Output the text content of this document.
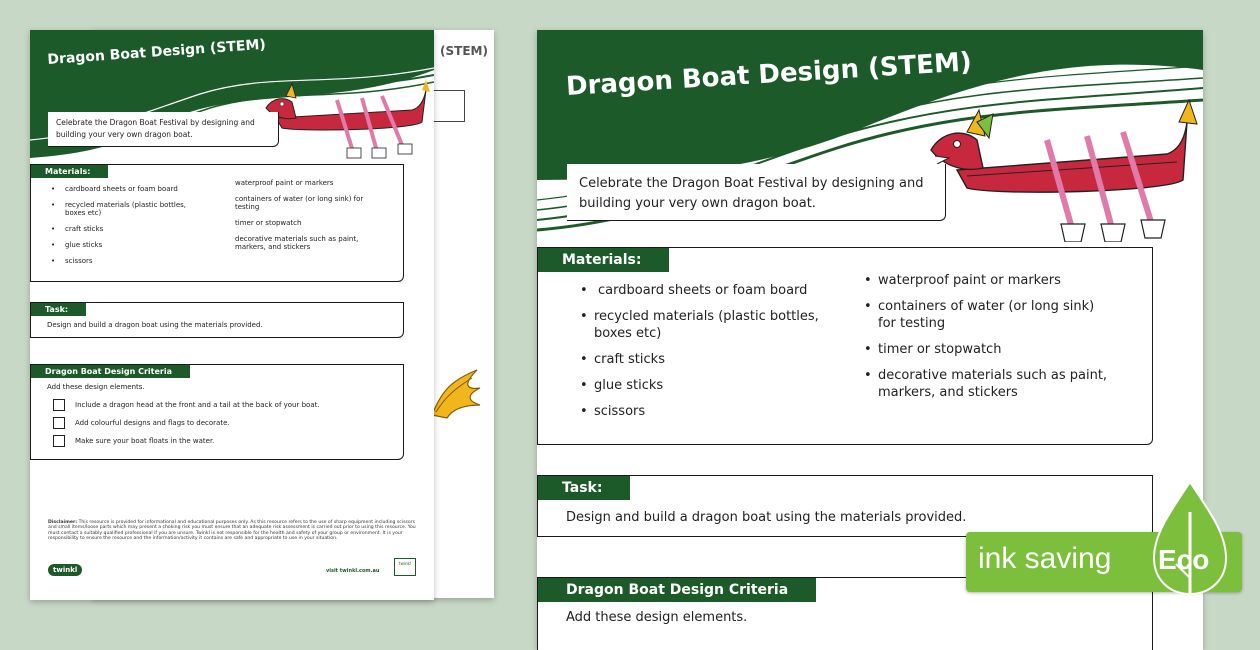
(STEM)
Dragon Boat Design (STEM)
Celebrate the Dragon Boat Festival by designing and
building your very own dragon boat.
Materials:
• cardboard sheets or foam board
• recycled materials (plastic bottles, boxes etc)
• craft sticks
• glue sticks
• scissors
waterproof paint or markers
containers of water (or long sink) for testing
timer or stopwatch
decorative materials such as paint, markers, and stickers
Task:
Design and build a dragon boat using the materials provided.
Dragon Boat Design Criteria
Add these design elements.
Include a dragon head at the front and a tail at the back of your boat.
Add colourful designs and flags to decorate.
Make sure your boat floats in the water.
Disclaimer: This resource is provided for informational and educational purposes only. As this resource refers to the use of sharp equipment including scissors and small items/loose parts which may present a choking risk you must ensure that an adequate risk assessment is carried out prior to using this resource. You must contact a suitably qualified professional if you are unsure. Twinkl is not responsible for the health and safety of your group or environment. It is your responsibility to ensure the resource and the information/activity it contains are safe and appropriate to use in your situation.
twinkl	visit twinkl.com.au
twinkl
Dragon Boat Design (STEM)
Celebrate the Dragon Boat Festival by designing and
building your very own dragon boat.
Materials:
• cardboard sheets or foam board
• recycled materials (plastic bottles,
boxes etc)
• craft sticks
• glue sticks
• scissors
• waterproof paint or markers
• containers of water (or long sink) for testing
• timer or stopwatch
• decorative materials such as paint, markers, and stickers
Task:
Design and build a dragon boat using the materials provided.
Dragon Boat Design Criteria
Add these design elements.
ink saving Eco
